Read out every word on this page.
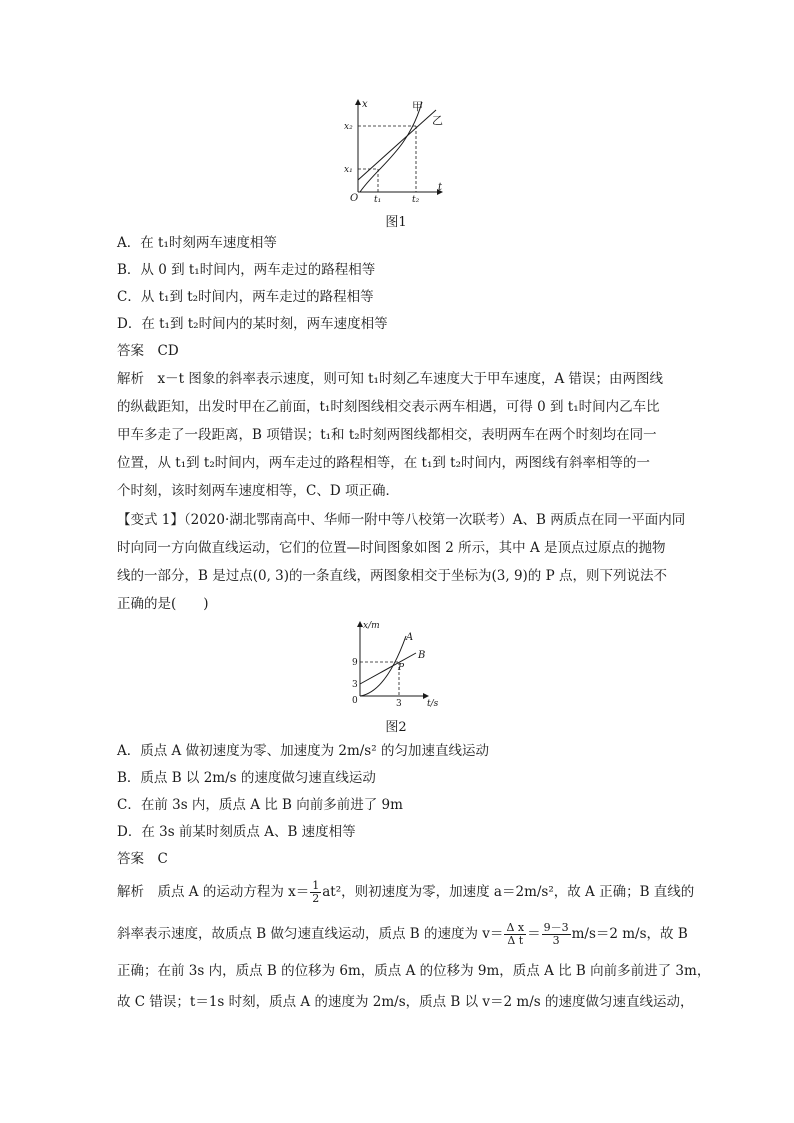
x
t
O
x₂
x₁
t₁	t₂
甲
乙
图1
A．在 t₁时刻两车速度相等
B．从 0 到 t₁时间内，两车走过的路程相等
C．从 t₁到 t₂时间内，两车走过的路程相等
D．在 t₁到 t₂时间内的某时刻，两车速度相等
答案　CD
解析　x－t 图象的斜率表示速度，则可知 t₁时刻乙车速度大于甲车速度，A 错误；由两图线
的纵截距知，出发时甲在乙前面，t₁时刻图线相交表示两车相遇，可得 0 到 t₁时间内乙车比
甲车多走了一段距离，B 项错误；t₁和 t₂时刻两图线都相交，表明两车在两个时刻均在同一
位置，从 t₁到 t₂时间内，两车走过的路程相等，在 t₁到 t₂时间内，两图线有斜率相等的一
个时刻，该时刻两车速度相等，C、D 项正确．
【变式 1】（2020·湖北鄂南高中、华师一附中等八校第一次联考）A、B 两质点在同一平面内同
时向同一方向做直线运动，它们的位置—时间图象如图 2 所示，其中 A 是顶点过原点的抛物
线的一部分，B 是过点(0, 3)的一条直线，两图象相交于坐标为(3, 9)的 P 点，则下列说法不
正确的是(　　)
x/m
t/s
0
9
3
3
A
B
P
图2
A．质点 A 做初速度为零、加速度为 2m/s² 的匀加速直线运动
B．质点 B 以 2m/s 的速度做匀速直线运动
C．在前 3s 内，质点 A 比 B 向前多前进了 9m
D．在 3s 前某时刻质点 A、B 速度相等
答案　C
解析　质点 A 的运动方程为 $x= \frac{1}{2} at^2$，则初速度为零，加速度 a＝2m/s²，故 A 正确；B 直线的
斜率表示速度，故质点 B 做匀速直线运动，质点 B 的速度为 $v= \frac{\text{Δ x}}{\text{Δ t}} = \frac{9-3}{3} m/s=2$ m/s，故 B
正确；在前 3s 内，质点 B 的位移为 6m，质点 A 的位移为 9m，质点 A 比 B 向前多前进了 3m，
故 C 错误；t＝1s 时刻，质点 A 的速度为 2m/s，质点 B 以 v＝2 m/s 的速度做匀速直线运动，
